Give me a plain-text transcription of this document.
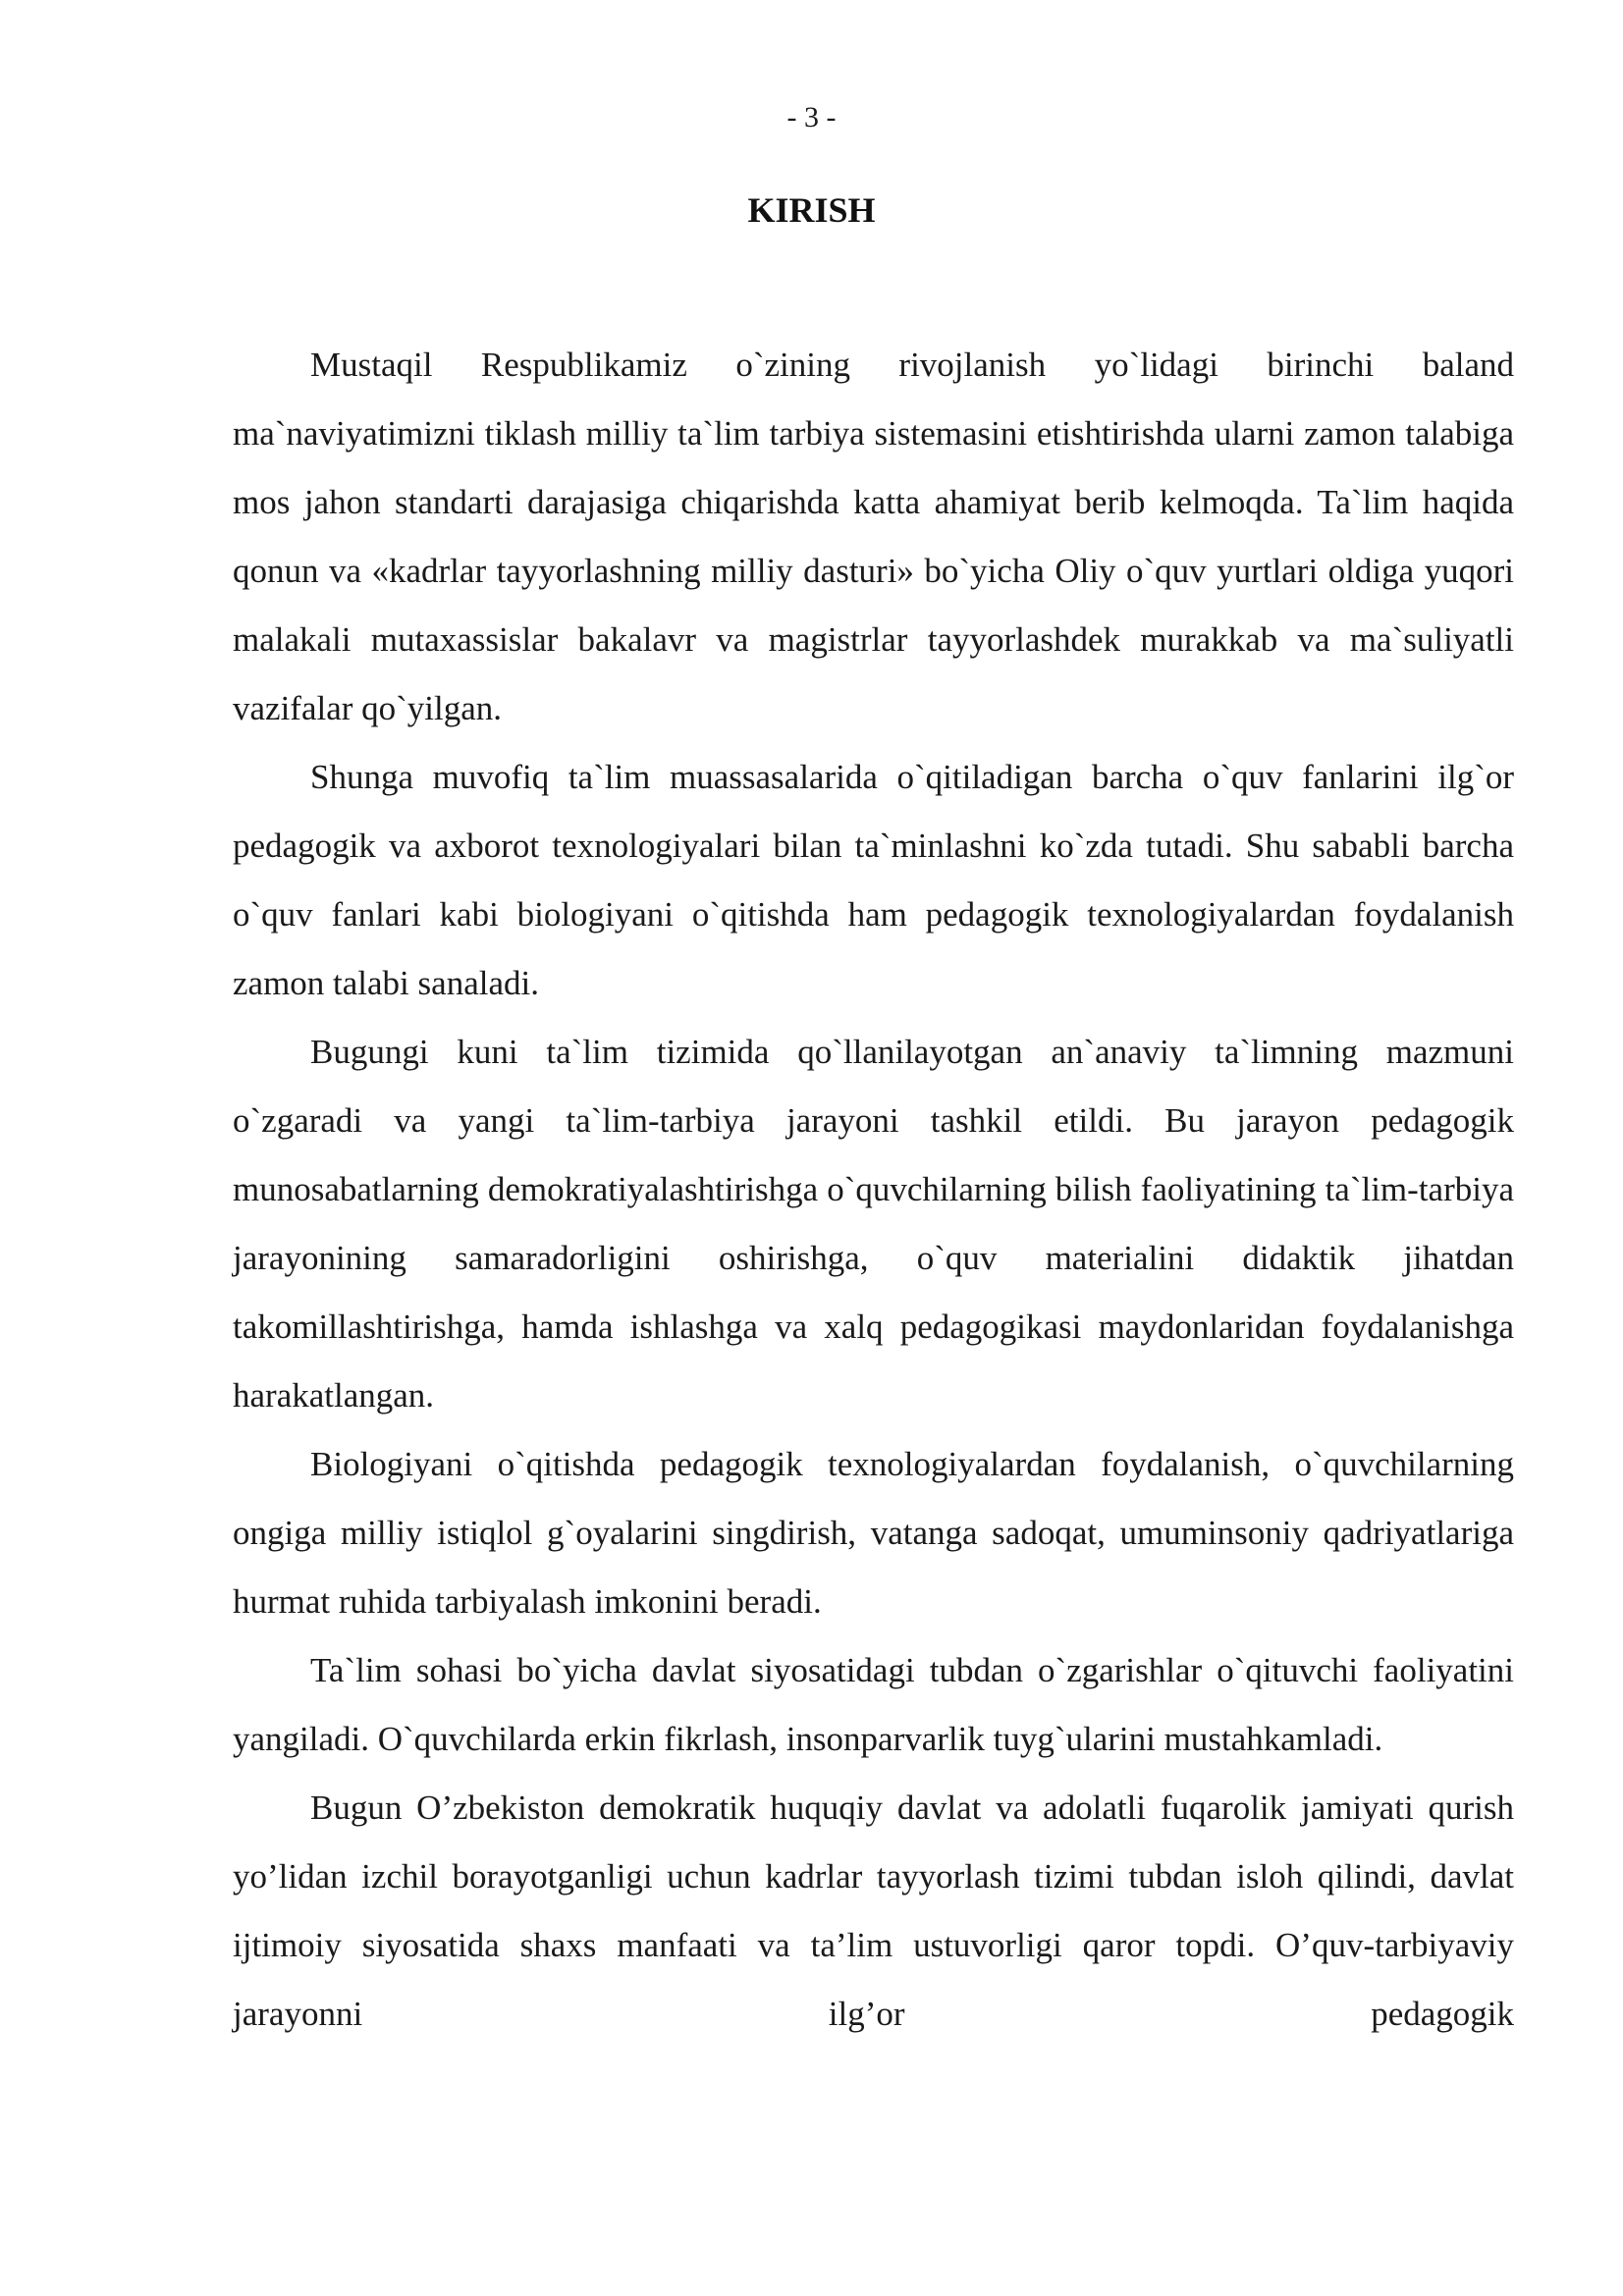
- 3 -
KIRISH

Mustaqil Respublikamiz o`zining rivojlanish yo`lidagi birinchi baland ma`naviyatimizni tiklash milliy ta`lim tarbiya sistemasini etishtirishda ularni zamon talabiga mos jahon standarti darajasiga chiqarishda katta ahamiyat berib kelmoqda. Ta`lim haqida qonun va «kadrlar tayyorlashning milliy dasturi» bo`yicha Oliy o`quv yurtlari oldiga yuqori malakali mutaxassislar bakalavr va magistrlar tayyorlashdek murakkab va ma`suliyatli vazifalar qo`yilgan.

Shunga muvofiq ta`lim muassasalarida o`qitiladigan barcha o`quv fanlarini ilg`or pedagogik va axborot texnologiyalari bilan ta`minlashni ko`zda tutadi. Shu sababli barcha o`quv fanlari kabi biologiyani o`qitishda ham pedagogik texnologiyalardan foydalanish zamon talabi sanaladi.

Bugungi kuni ta`lim tizimida qo`llanilayotgan an`anaviy ta`limning mazmuni o`zgaradi va yangi ta`lim-tarbiya jarayoni tashkil etildi. Bu jarayon pedagogik munosabatlarning demokratiyalashtirishga o`quvchilarning bilish faoliyatining ta`lim-tarbiya jarayonining samaradorligini oshirishga, o`quv materialini didaktik jihatdan takomillashtirishga, hamda ishlashga va xalq pedagogikasi maydonlaridan foydalanishga harakatlangan.

Biologiyani o`qitishda pedagogik texnologiyalardan foydalanish, o`quvchilarning ongiga milliy istiqlol g`oyalarini singdirish, vatanga sadoqat, umuminsoniy qadriyatlariga hurmat ruhida tarbiyalash imkonini beradi.

Ta`lim sohasi bo`yicha davlat siyosatidagi tubdan o`zgarishlar o`qituvchi faoliyatini yangiladi. O`quvchilarda erkin fikrlash, insonparvarlik tuyg`ularini mustahkamladi.

Bugun O’zbekiston demokratik huquqiy davlat va adolatli fuqarolik jamiyati qurish yo’lidan izchil borayotganligi uchun kadrlar tayyorlash tizimi tubdan isloh qilindi, davlat ijtimoiy siyosatida shaxs manfaati va ta’lim ustuvorligi qaror topdi. O’quv-tarbiyaviy jarayonni ilg’or pedagogik
